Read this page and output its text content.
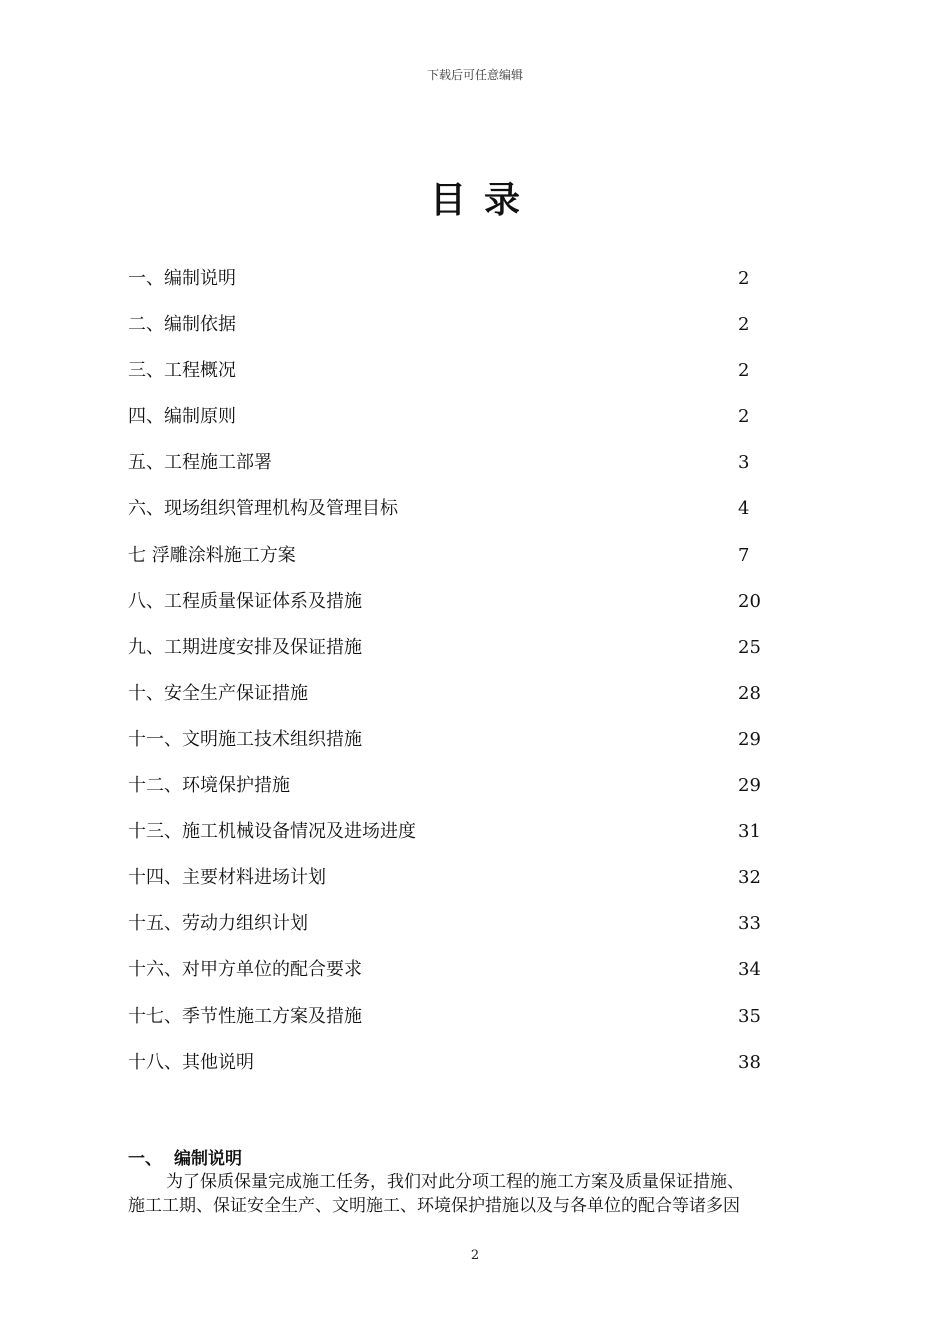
下载后可任意编辑
目录
一、编制说明	2
二、编制依据	2
三、工程概况	2
四、编制原则	2
五、工程施工部署	3
六、现场组织管理机构及管理目标	4
七 浮雕涂料施工方案	7
八、工程质量保证体系及措施	20
九、工期进度安排及保证措施	25
十、安全生产保证措施	28
十一、文明施工技术组织措施	29
十二、环境保护措施	29
十三、施工机械设备情况及进场进度	31
十四、主要材料进场计划	32
十五、劳动力组织计划	33
十六、对甲方单位的配合要求	34
十七、季节性施工方案及措施	35
十八、其他说明	38
一、 编制说明

为了保质保量完成施工任务，我们对此分项工程的施工方案及质量保证措施、
施工工期、保证安全生产、文明施工、环境保护措施以及与各单位的配合等诸多因

2
